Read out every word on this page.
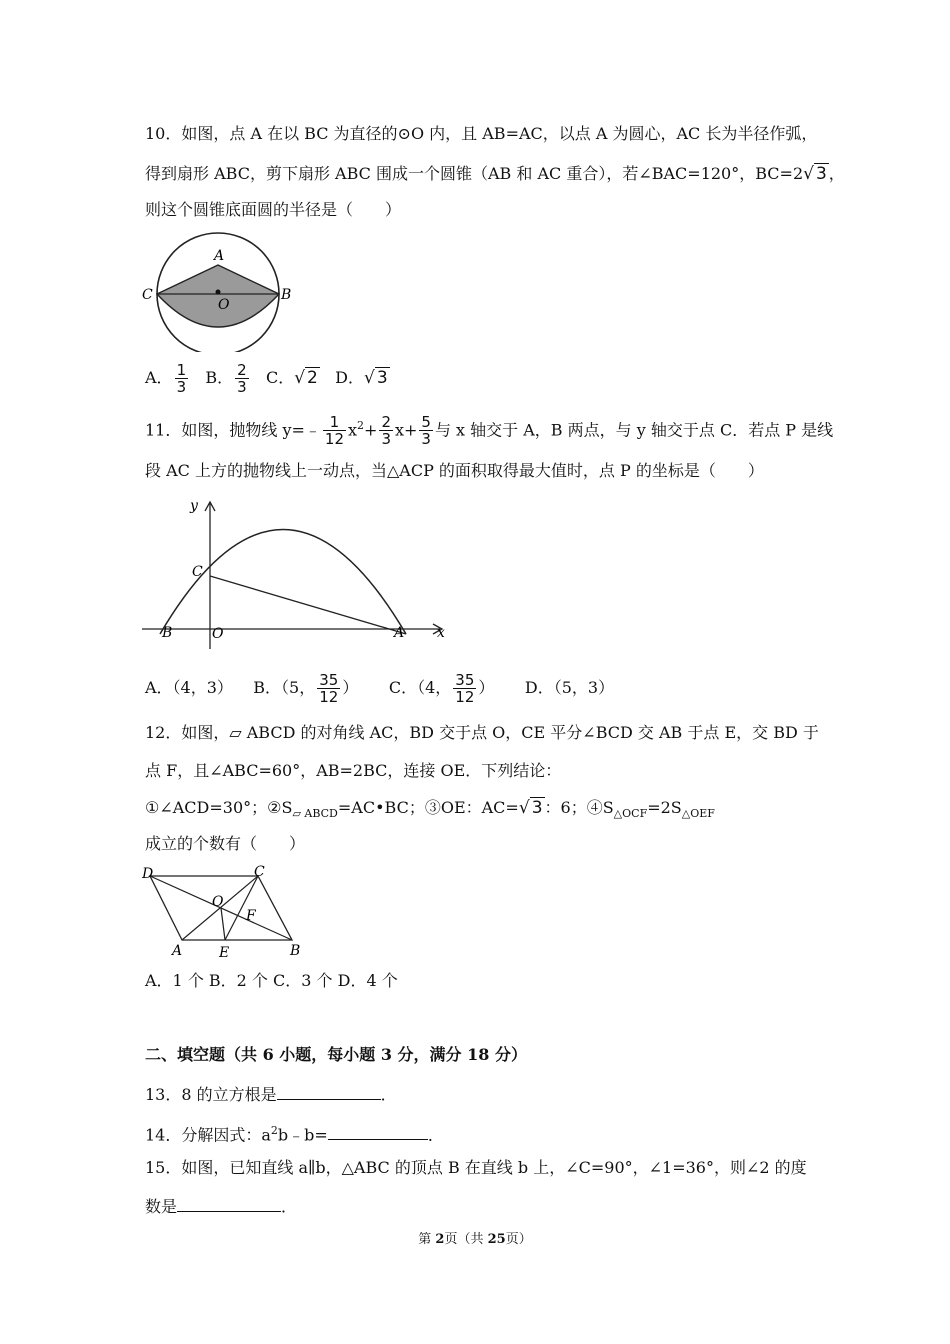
10．如图，点 A 在以 BC 为直径的⊙O 内，且 AB=AC，以点 A 为圆心，AC 长为半径作弧，
得到扇形 ABC，剪下扇形 ABC 围成一个圆锥（AB 和 AC 重合），若∠BAC=120°，BC=2√ 3 ，
则这个圆锥底面圆的半径是（　　）
A
C	B
O
A． $\frac{1}{3}$ B． $\frac{2}{3}$ C．√ 2 D．√ 3
11．如图，抛物线 y=﹣ $\frac{1}{12} x^2+ \frac{2}{3} x+ \frac{5}{3}$ 与 x 轴交于 A，B 两点，与 y 轴交于点 C．若点 P 是线
段 AC 上方的抛物线上一动点，当△ACP 的面积取得最大值时，点 P 的坐标是（　　）
y
x
C
B	O	A
A．（4，3） B．（5， $\frac{35}{12}$ ） C．（4， $\frac{35}{12}$ ） D．（5，3）
12．如图，▱ ABCD 的对角线 AC，BD 交于点 O，CE 平分∠BCD 交 AB 于点 E，交 BD 于
点 F，且∠ABC=60°，AB=2BC，连接 OE．下列结论：
①∠ACD=30°；$②S_{▱ ABCD}=AC•BC$；③OE：AC=√ 3 ：6；$④S_{\triangle OCF}=2S_{\triangle OEF}$
成立的个数有（　　）
D	C
O
F
A	E	B
A．1 个 B．2 个 C．3 个 D．4 个
二、填空题（共 6 小题，每小题 3 分，满分 18 分）
13．8 的立方根是	．
14．分解因式：$a^2b﹣b=$	．
15．如图，已知直线 a∥b，△ABC 的顶点 B 在直线 b 上，∠C=90°，∠1=36°，则∠2 的度
数是	．
第 2页（共 25页）
